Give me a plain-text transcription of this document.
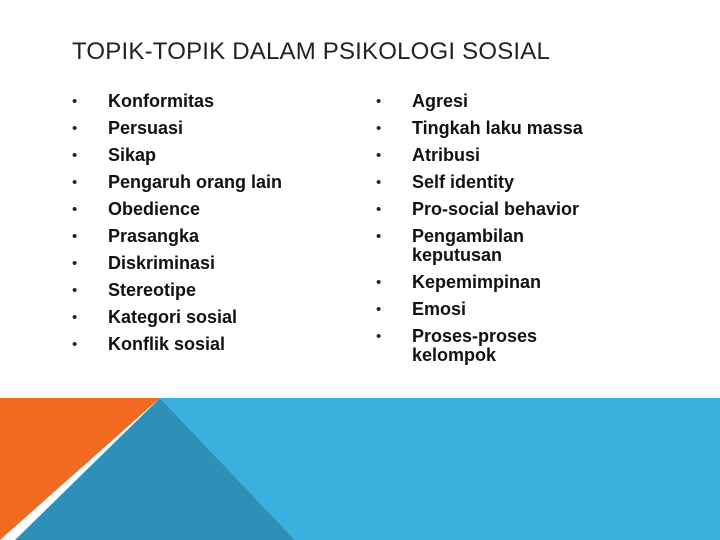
TOPIK-TOPIK DALAM PSIKOLOGI SOSIAL
•	Konformitas
•	Persuasi
•	Sikap
•	Pengaruh orang lain
•	Obedience
•	Prasangka
•	Diskriminasi
•	Stereotipe
•	Kategori sosial
•	Konflik sosial
•	Agresi
•	Tingkah laku massa
•	Atribusi
•	Self identity
•	Pro-social behavior
•	Pengambilan keputusan
•	Kepemimpinan
•	Emosi
•	Proses-proses kelompok
